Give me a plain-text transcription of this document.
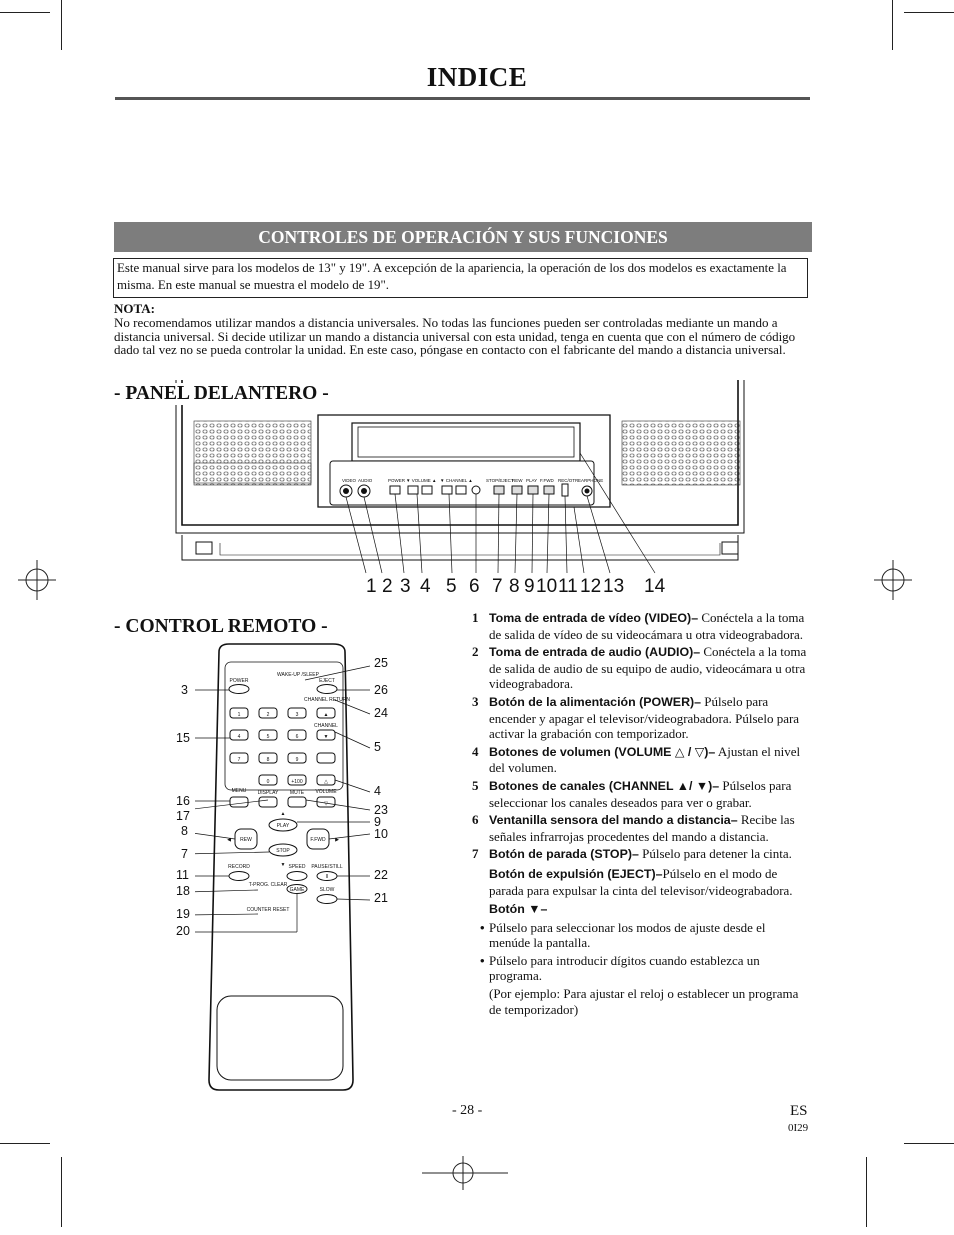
INDICE
CONTROLES DE OPERACIÓN Y SUS FUNCIONES
Este manual sirve para los modelos de 13" y 19". A excepción de la apariencia, la operación de los dos modelos es exactamente la misma. En este manual se muestra el modelo de 19".
NOTA:
No recomendamos utilizar mandos a distancia universales. No todas las funciones pueden ser controladas mediante un mando a distancia universal. Si decide utilizar un mando a distancia universal con esta unidad, tenga en cuenta que con el número de código dado tal vez no se pueda controlar la unidad. En este caso, póngase en contacto con el fabricante del mando a distancia universal.
VIDEO AUDIO	POWER ▼ VOLUME ▲ ▼ CHANNEL ▲	STOP/EJECT
REW PLAY F.FWD REC/OTR EARPHONE
- PANEL DELANTERO -
1 2 3 4 5 6 7 8 9 10 11 12 13 14
- CONTROL REMOTO -
POWER
WAKE-UP /SLEEP
EJECT
CHANNEL RETURN
1	2	3
4	5	6
7	8	9
0	+100
▲
CHANNEL
▼
△
VOLUME
▽
MENU DISPLAY MUTE
▲
PLAY
REW
◀	F.FWD ▶
STOP
▼
RECORD	SPEED PAUSE/STILL
II
T-PROG. CLEAR
GAME	SLOW
COUNTER RESET
25
3	26
24
15
5
4
16
23
17	9
8	10
7
11	22
18	21
19
20
1 Toma de entrada de vídeo (VIDEO)– Conéctela a la toma de salida de vídeo de su videocámara u otra videograbadora.
2 Toma de entrada de audio (AUDIO)– Conéctela a la toma de salida de audio de su equipo de audio, videocámara u otra videograbadora.
3 Botón de la alimentación (POWER)– Púlselo para encender y apagar el televisor/videograbadora. Púlselo para activar la grabación con temporizador.
4 Botones de volumen (VOLUME △ / ▽)– Ajustan el nivel del volumen.
5 Botones de canales (CHANNEL ▲/ ▼)– Púlselos para seleccionar los canales deseados para ver o grabar.
6 Ventanilla sensora del mando a distancia– Recibe las señales infrarrojas procedentes del mando a distancia.
7 Botón de parada (STOP)– Púlselo para detener la cinta.
Botón de expulsión (EJECT)–Púlselo en el modo de parada para expulsar la cinta del televisor/videograbadora.
Botón ▼–
• Púlselo para seleccionar los modos de ajuste desde el menúde la pantalla.
• Púlselo para introducir dígitos cuando establezca un programa.
(Por ejemplo: Para ajustar el reloj o establecer un programa de temporizador)
- 28 -	ES
0I29
